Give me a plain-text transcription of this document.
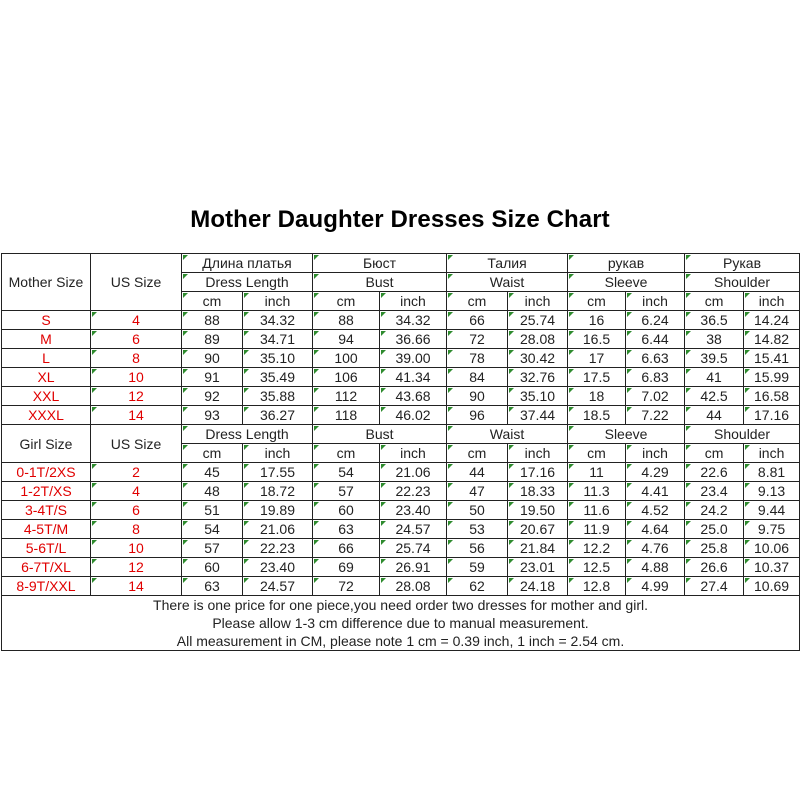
Mother Daughter Dresses Size Chart
Mother Size	US Size	Длина платья		Бюст		Талия		рукав		Рукав	
		Dress Length		Bust		Waist		Sleeve		Shoulder	
		cm	inch	cm	inch	cm	inch	cm	inch	cm	inch
S	4	88	34.32	88	34.32	66	25.74	16	6.24	36.5	14.24
M	6	89	34.71	94	36.66	72	28.08	16.5	6.44	38	14.82
L	8	90	35.10	100	39.00	78	30.42	17	6.63	39.5	15.41
XL	10	91	35.49	106	41.34	84	32.76	17.5	6.83	41	15.99
XXL	12	92	35.88	112	43.68	90	35.10	18	7.02	42.5	16.58
XXXL	14	93	36.27	118	46.02	96	37.44	18.5	7.22	44	17.16
Girl Size	US Size	Dress Length		Bust		Waist		Sleeve		Shoulder	
		cm	inch	cm	inch	cm	inch	cm	inch	cm	inch
0-1T/2XS	2	45	17.55	54	21.06	44	17.16	11	4.29	22.6	8.81
1-2T/XS	4	48	18.72	57	22.23	47	18.33	11.3	4.41	23.4	9.13
3-4T/S	6	51	19.89	60	23.40	50	19.50	11.6	4.52	24.2	9.44
4-5T/M	8	54	21.06	63	24.57	53	20.67	11.9	4.64	25.0	9.75
5-6T/L	10	57	22.23	66	25.74	56	21.84	12.2	4.76	25.8	10.06
6-7T/XL	12	60	23.40	69	26.91	59	23.01	12.5	4.88	26.6	10.37
8-9T/XXL	14	63	24.57	72	28.08	62	24.18	12.8	4.99	27.4	10.69

There is one price for one piece,you need order two dresses for mother and girl.
Please allow 1-3 cm difference due to manual measurement.
All measurement in CM, please note 1 cm = 0.39 inch, 1 inch = 2.54 cm.											
